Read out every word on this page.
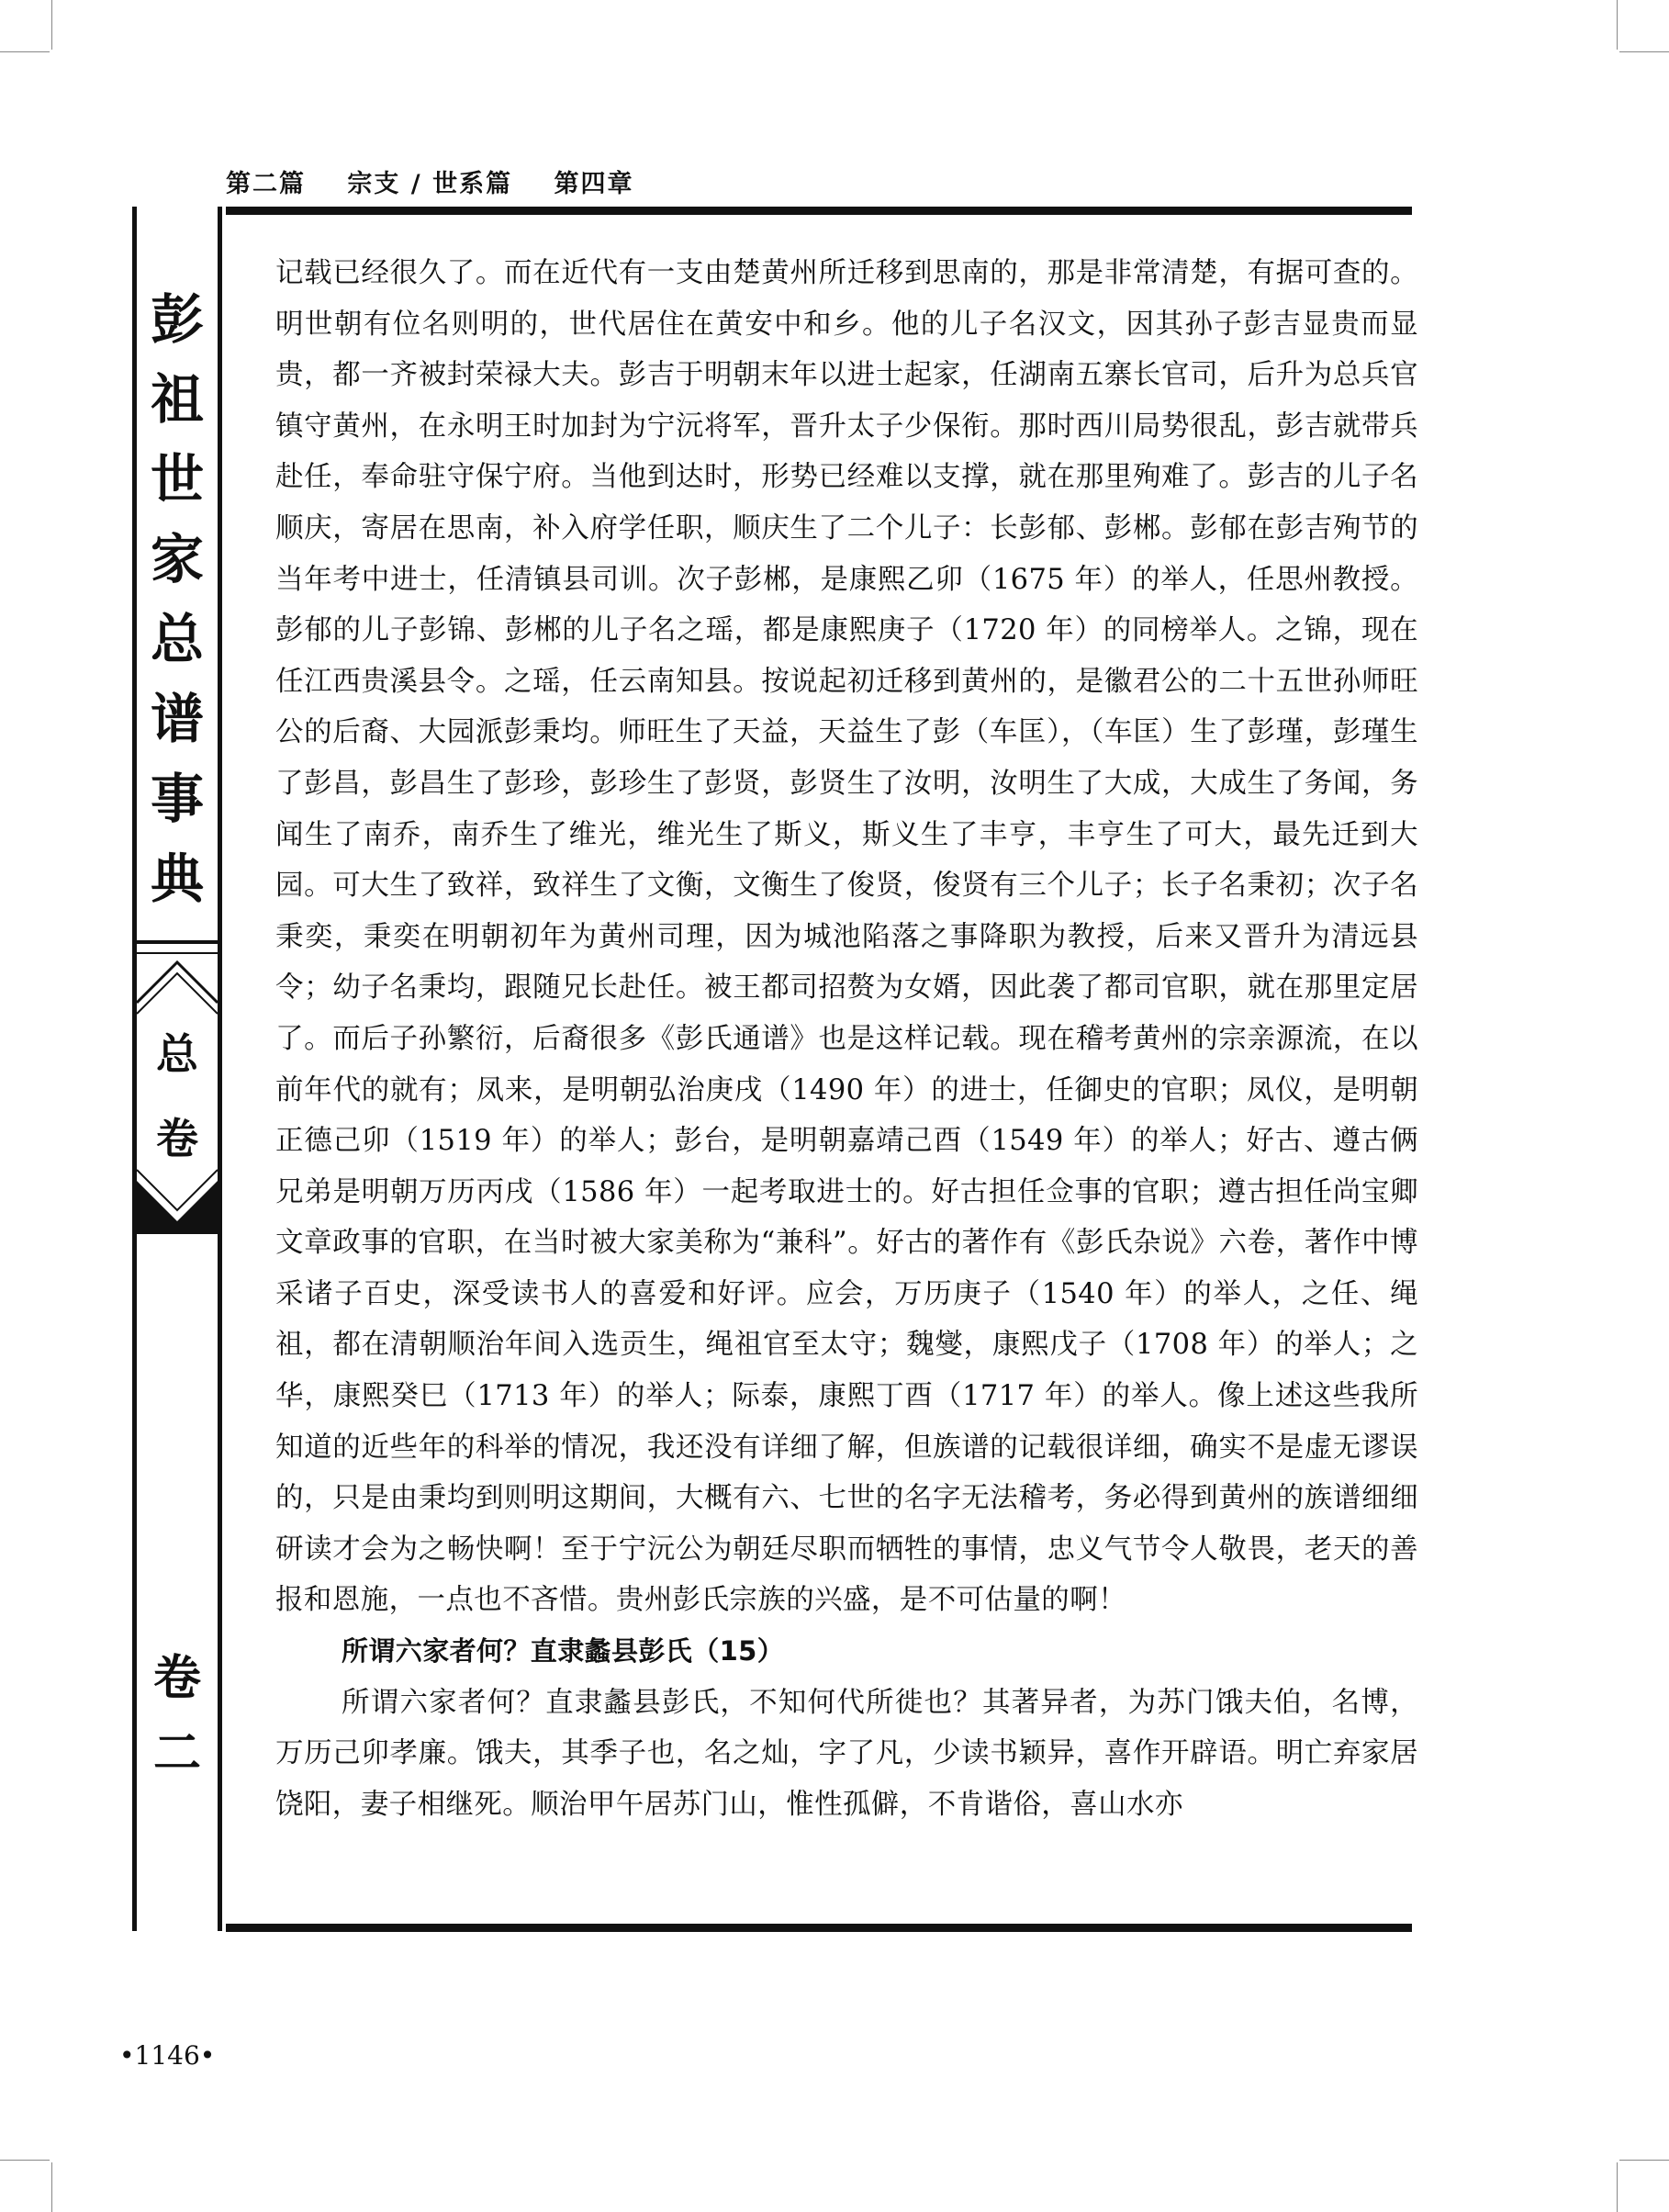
第二篇 宗支 / 世系篇 第四章
彭
祖
世
家
总
谱
事
典
总
卷
卷
二

记载已经很久了。而在近代有一支由楚黄州所迁移到思南的，那是非常清楚，有据可查的。明世朝有位名则明的，世代居住在黄安中和乡。他的儿子名汉文，因其孙子彭吉显贵而显贵，都一齐被封荣禄大夫。彭吉于明朝末年以进士起家，任湖南五寨长官司，后升为总兵官镇守黄州，在永明王时加封为宁沅将军，晋升太子少保衔。那时西川局势很乱，彭吉就带兵赴任，奉命驻守保宁府。当他到达时，形势已经难以支撑，就在那里殉难了。彭吉的儿子名顺庆，寄居在思南，补入府学任职，顺庆生了二个儿子：长彭郁、彭郴。彭郁在彭吉殉节的当年考中进士，任清镇县司训。次子彭郴，是康熙乙卯（1675 年）的举人，任思州教授。彭郁的儿子彭锦、彭郴的儿子名之瑶，都是康熙庚子（1720 年）的同榜举人。之锦，现在任江西贵溪县令。之瑶，任云南知县。按说起初迁移到黄州的，是徽君公的二十五世孙师旺公的后裔、大园派彭秉均。师旺生了天益，天益生了彭（车匡），（车匡）生了彭瑾，彭瑾生了彭昌，彭昌生了彭珍，彭珍生了彭贤，彭贤生了汝明，汝明生了大成，大成生了务闻，务闻生了南乔，南乔生了维光，维光生了斯义，斯义生了丰亨，丰亨生了可大，最先迁到大园。可大生了致祥，致祥生了文衡，文衡生了俊贤，俊贤有三个儿子；长子名秉初；次子名秉奕，秉奕在明朝初年为黄州司理，因为城池陷落之事降职为教授，后来又晋升为清远县令；幼子名秉均，跟随兄长赴任。被王都司招赘为女婿，因此袭了都司官职，就在那里定居了。而后子孙繁衍，后裔很多《彭氏通谱》也是这样记载。现在稽考黄州的宗亲源流，在以前年代的就有；凤来，是明朝弘治庚戌（1490 年）的进士，任御史的官职；凤仪，是明朝正德己卯（1519 年）的举人；彭台，是明朝嘉靖己酉（1549 年）的举人；好古、遵古俩兄弟是明朝万历丙戌（1586 年）一起考取进士的。好古担任佥事的官职；遵古担任尚宝卿文章政事的官职，在当时被大家美称为“兼科”。好古的著作有《彭氏杂说》六卷，著作中博采诸子百史，深受读书人的喜爱和好评。应会，万历庚子（1540 年）的举人，之任、绳祖，都在清朝顺治年间入选贡生，绳祖官至太守；魏燮，康熙戊子（1708 年）的举人；之华，康熙癸巳（1713 年）的举人；际泰，康熙丁酉（1717 年）的举人。像上述这些我所知道的近些年的科举的情况，我还没有详细了解，但族谱的记载很详细，确实不是虚无谬误的，只是由秉均到则明这期间，大概有六、七世的名字无法稽考，务必得到黄州的族谱细细研读才会为之畅快啊！至于宁沅公为朝廷尽职而牺牲的事情，忠义气节令人敬畏，老天的善报和恩施，一点也不吝惜。贵州彭氏宗族的兴盛，是不可估量的啊！

所谓六家者何？直隶蠡县彭氏（15）

所谓六家者何？直隶蠡县彭氏，不知何代所徙也？其著异者，为苏门饿夫伯，名博，万历己卯孝廉。饿夫，其季子也，名之灿，字了凡，少读书颖异，喜作开辟语。明亡弃家居饶阳，妻子相继死。顺治甲午居苏门山，惟性孤僻，不肯谐俗，喜山水亦

•1146•
